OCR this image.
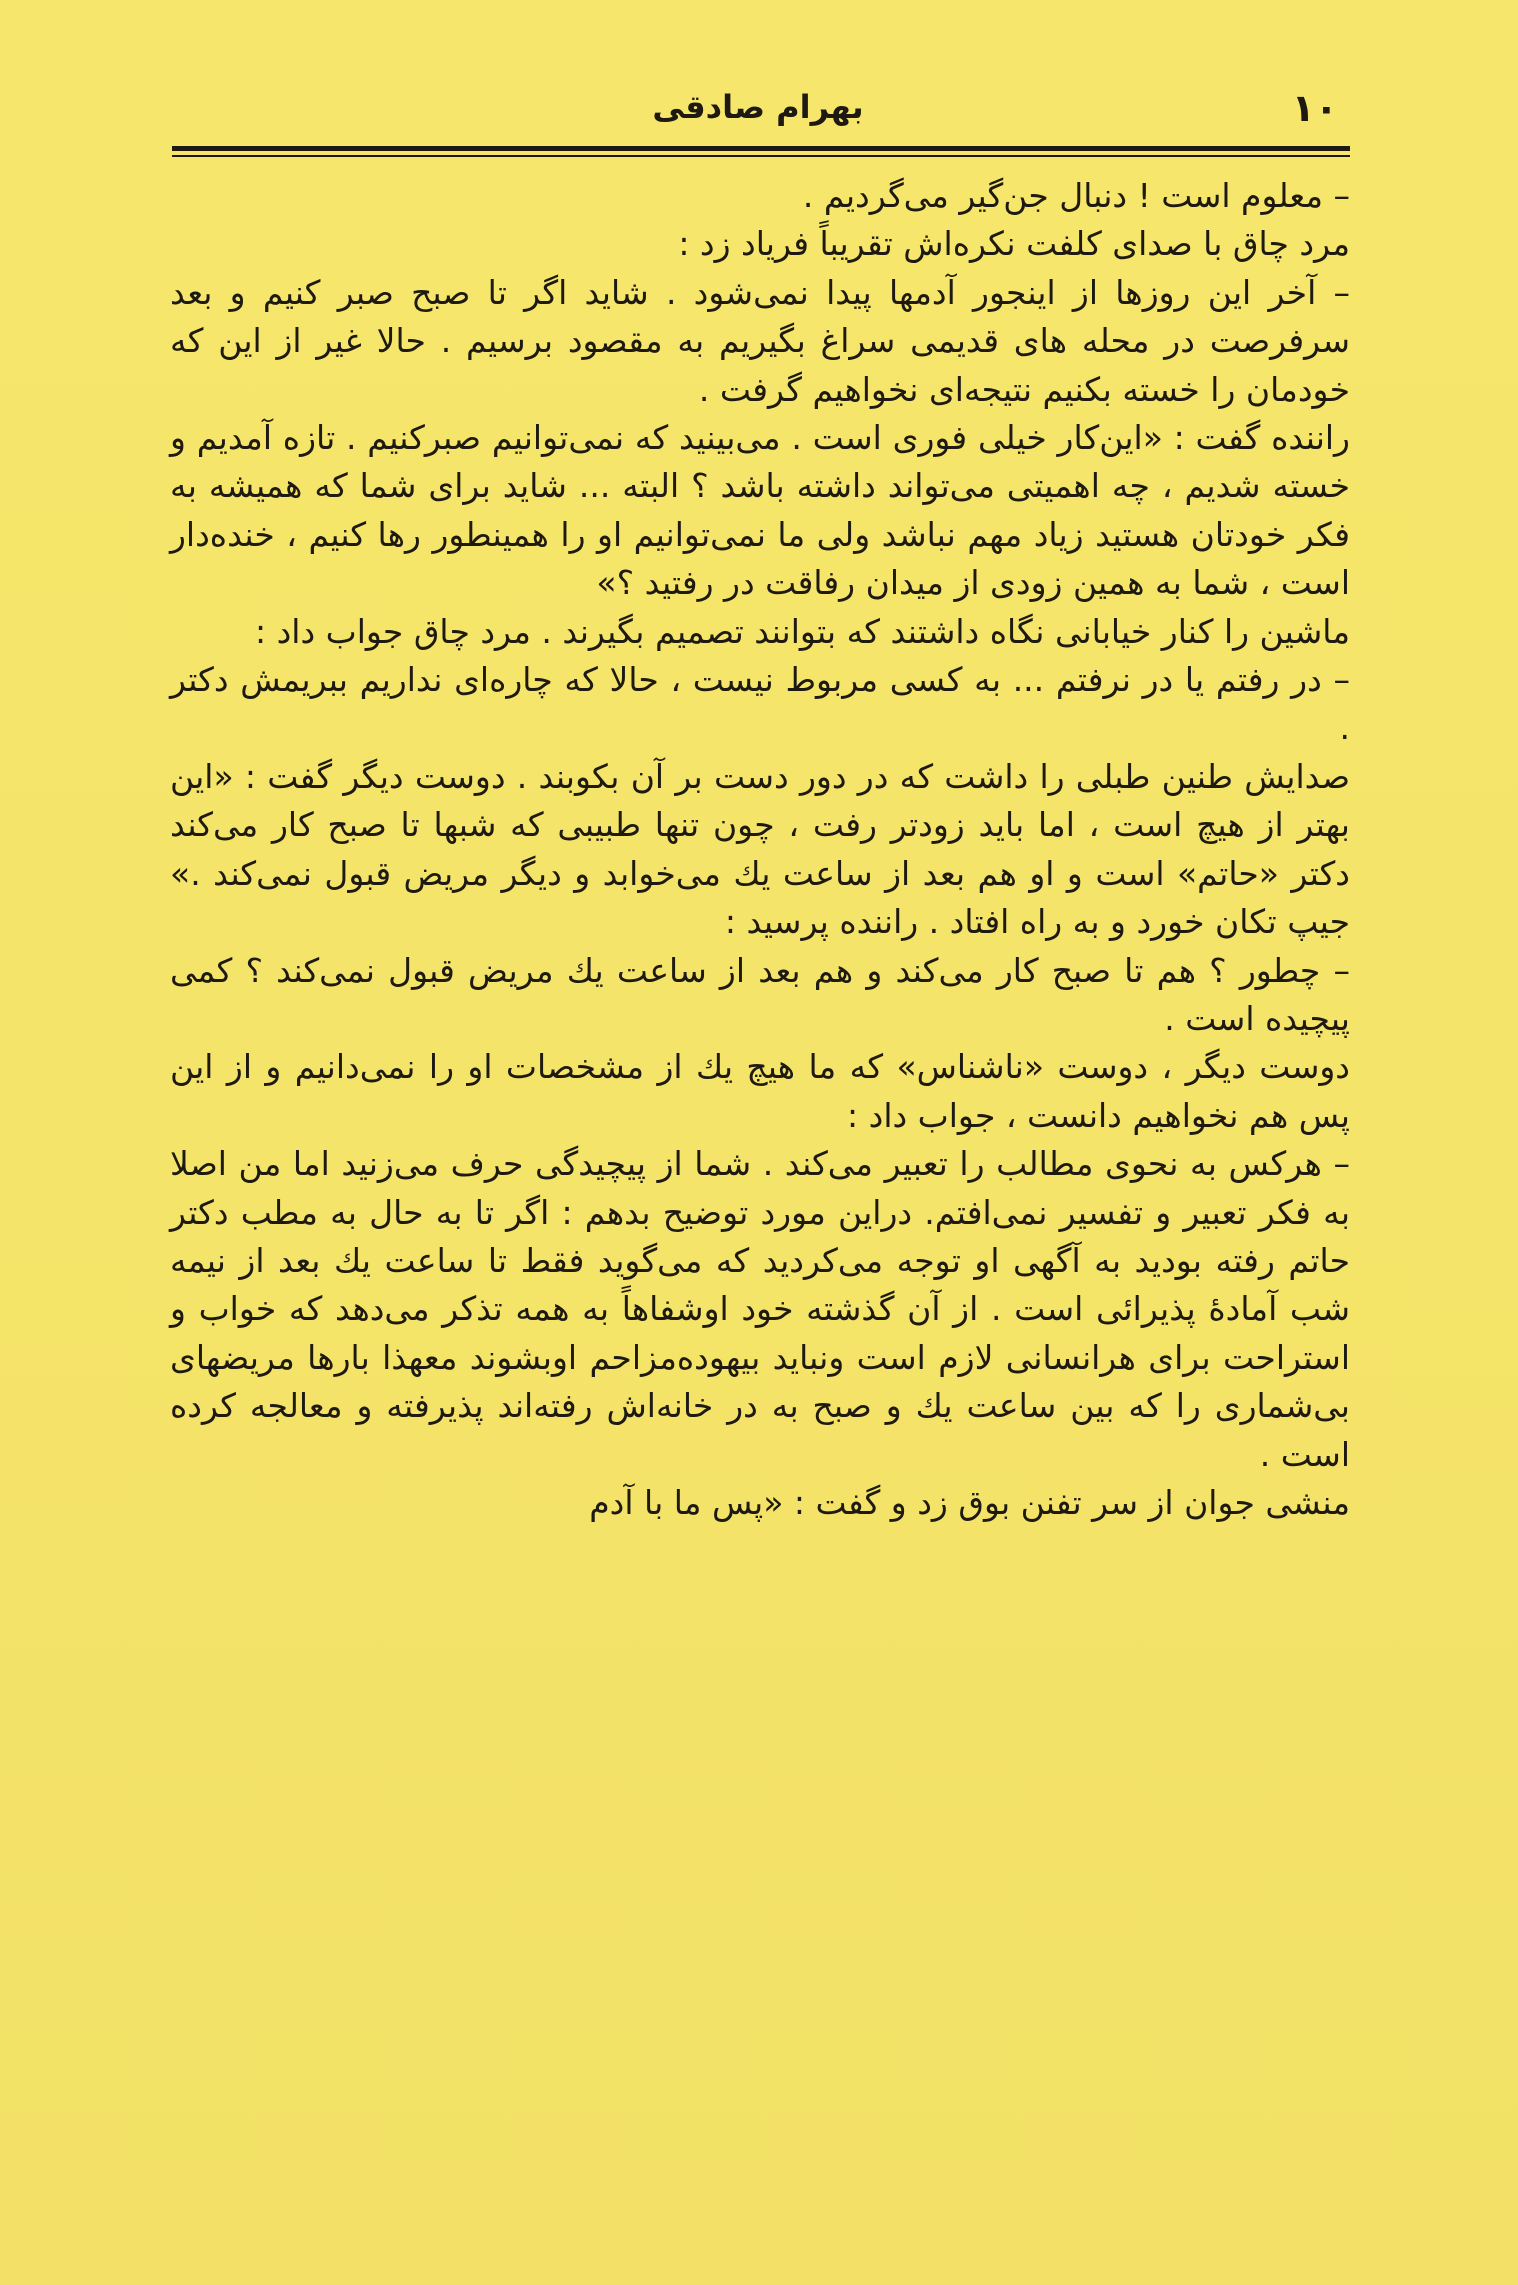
۱۰
بهرام صادقی

– معلوم است ! دنبال جن‌گیر می‌گردیم .

مرد چاق با صدای کلفت نکره‌اش تقریباً فریاد زد :

– آخر این روزها از اینجور آدمها پیدا نمی‌شود . شاید اگر تا صبح صبر کنیم و بعد سرفرصت در محله های قدیمی سراغ بگیریم به مقصود برسیم . حالا غیر از این که خودمان را خسته بکنیم نتیجه‌ای نخواهیم گرفت .

راننده گفت : «این‌کار خیلی فوری است . می‌بینید که نمی‌توانیم صبرکنیم . تازه آمدیم و خسته شدیم ، چه اهمیتی می‌تواند داشته باشد ؟ البته ... شاید برای شما که همیشه به فکر خودتان هستید زیاد مهم نباشد ولی ما نمی‌توانیم او را همینطور رها کنیم ، خنده‌دار است ، شما به همین زودی از میدان رفاقت در رفتید ؟»

ماشین را کنار خیابانی نگاه داشتند که بتوانند تصمیم بگیرند . مرد چاق جواب داد :

– در رفتم یا در نرفتم ... به کسی مربوط نیست ، حالا که چاره‌ای نداریم ببریمش دکتر .

صدایش طنین طبلی را داشت که در دور دست بر آن بکوبند . دوست دیگر گفت : «این بهتر از هیچ است ، اما باید زودتر رفت ، چون تنها طبیبی که شبها تا صبح کار می‌کند دکتر «حاتم» است و او هم بعد از ساعت یك می‌خوابد و دیگر مریض قبول نمی‌کند .» جیپ تکان خورد و به راه افتاد . راننده پرسید :

– چطور ؟ هم تا صبح کار می‌کند و هم بعد از ساعت یك مریض قبول نمی‌کند ؟ کمی پیچیده است .

دوست دیگر ، دوست «ناشناس» که ما هیچ یك از مشخصات او را نمی‌دانیم و از این پس هم نخواهیم دانست ، جواب داد :

– هرکس به نحوی مطالب را تعبیر می‌کند . شما از پیچیدگی حرف می‌زنید اما من اصلا به فکر تعبیر و تفسیر نمی‌افتم. دراین مورد توضیح بدهم : اگر تا به حال به مطب دکتر حاتم رفته بودید به آگهی او توجه می‌کردید که می‌گوید فقط تا ساعت یك بعد از نیمه شب آمادهٔ پذیرائی است . از آن گذشته خود اوشفاهاً به همه تذکر می‌دهد که خواب و استراحت برای هرانسانی لازم است ونباید بیهوده‌مزاحم اوبشوند معهذا بارها مریضهای بی‌شماری را که بین ساعت یك و صبح به در خانه‌اش رفته‌اند پذیرفته و معالجه کرده است .

منشی جوان از سر تفنن بوق زد و گفت : «پس ما با آدم
